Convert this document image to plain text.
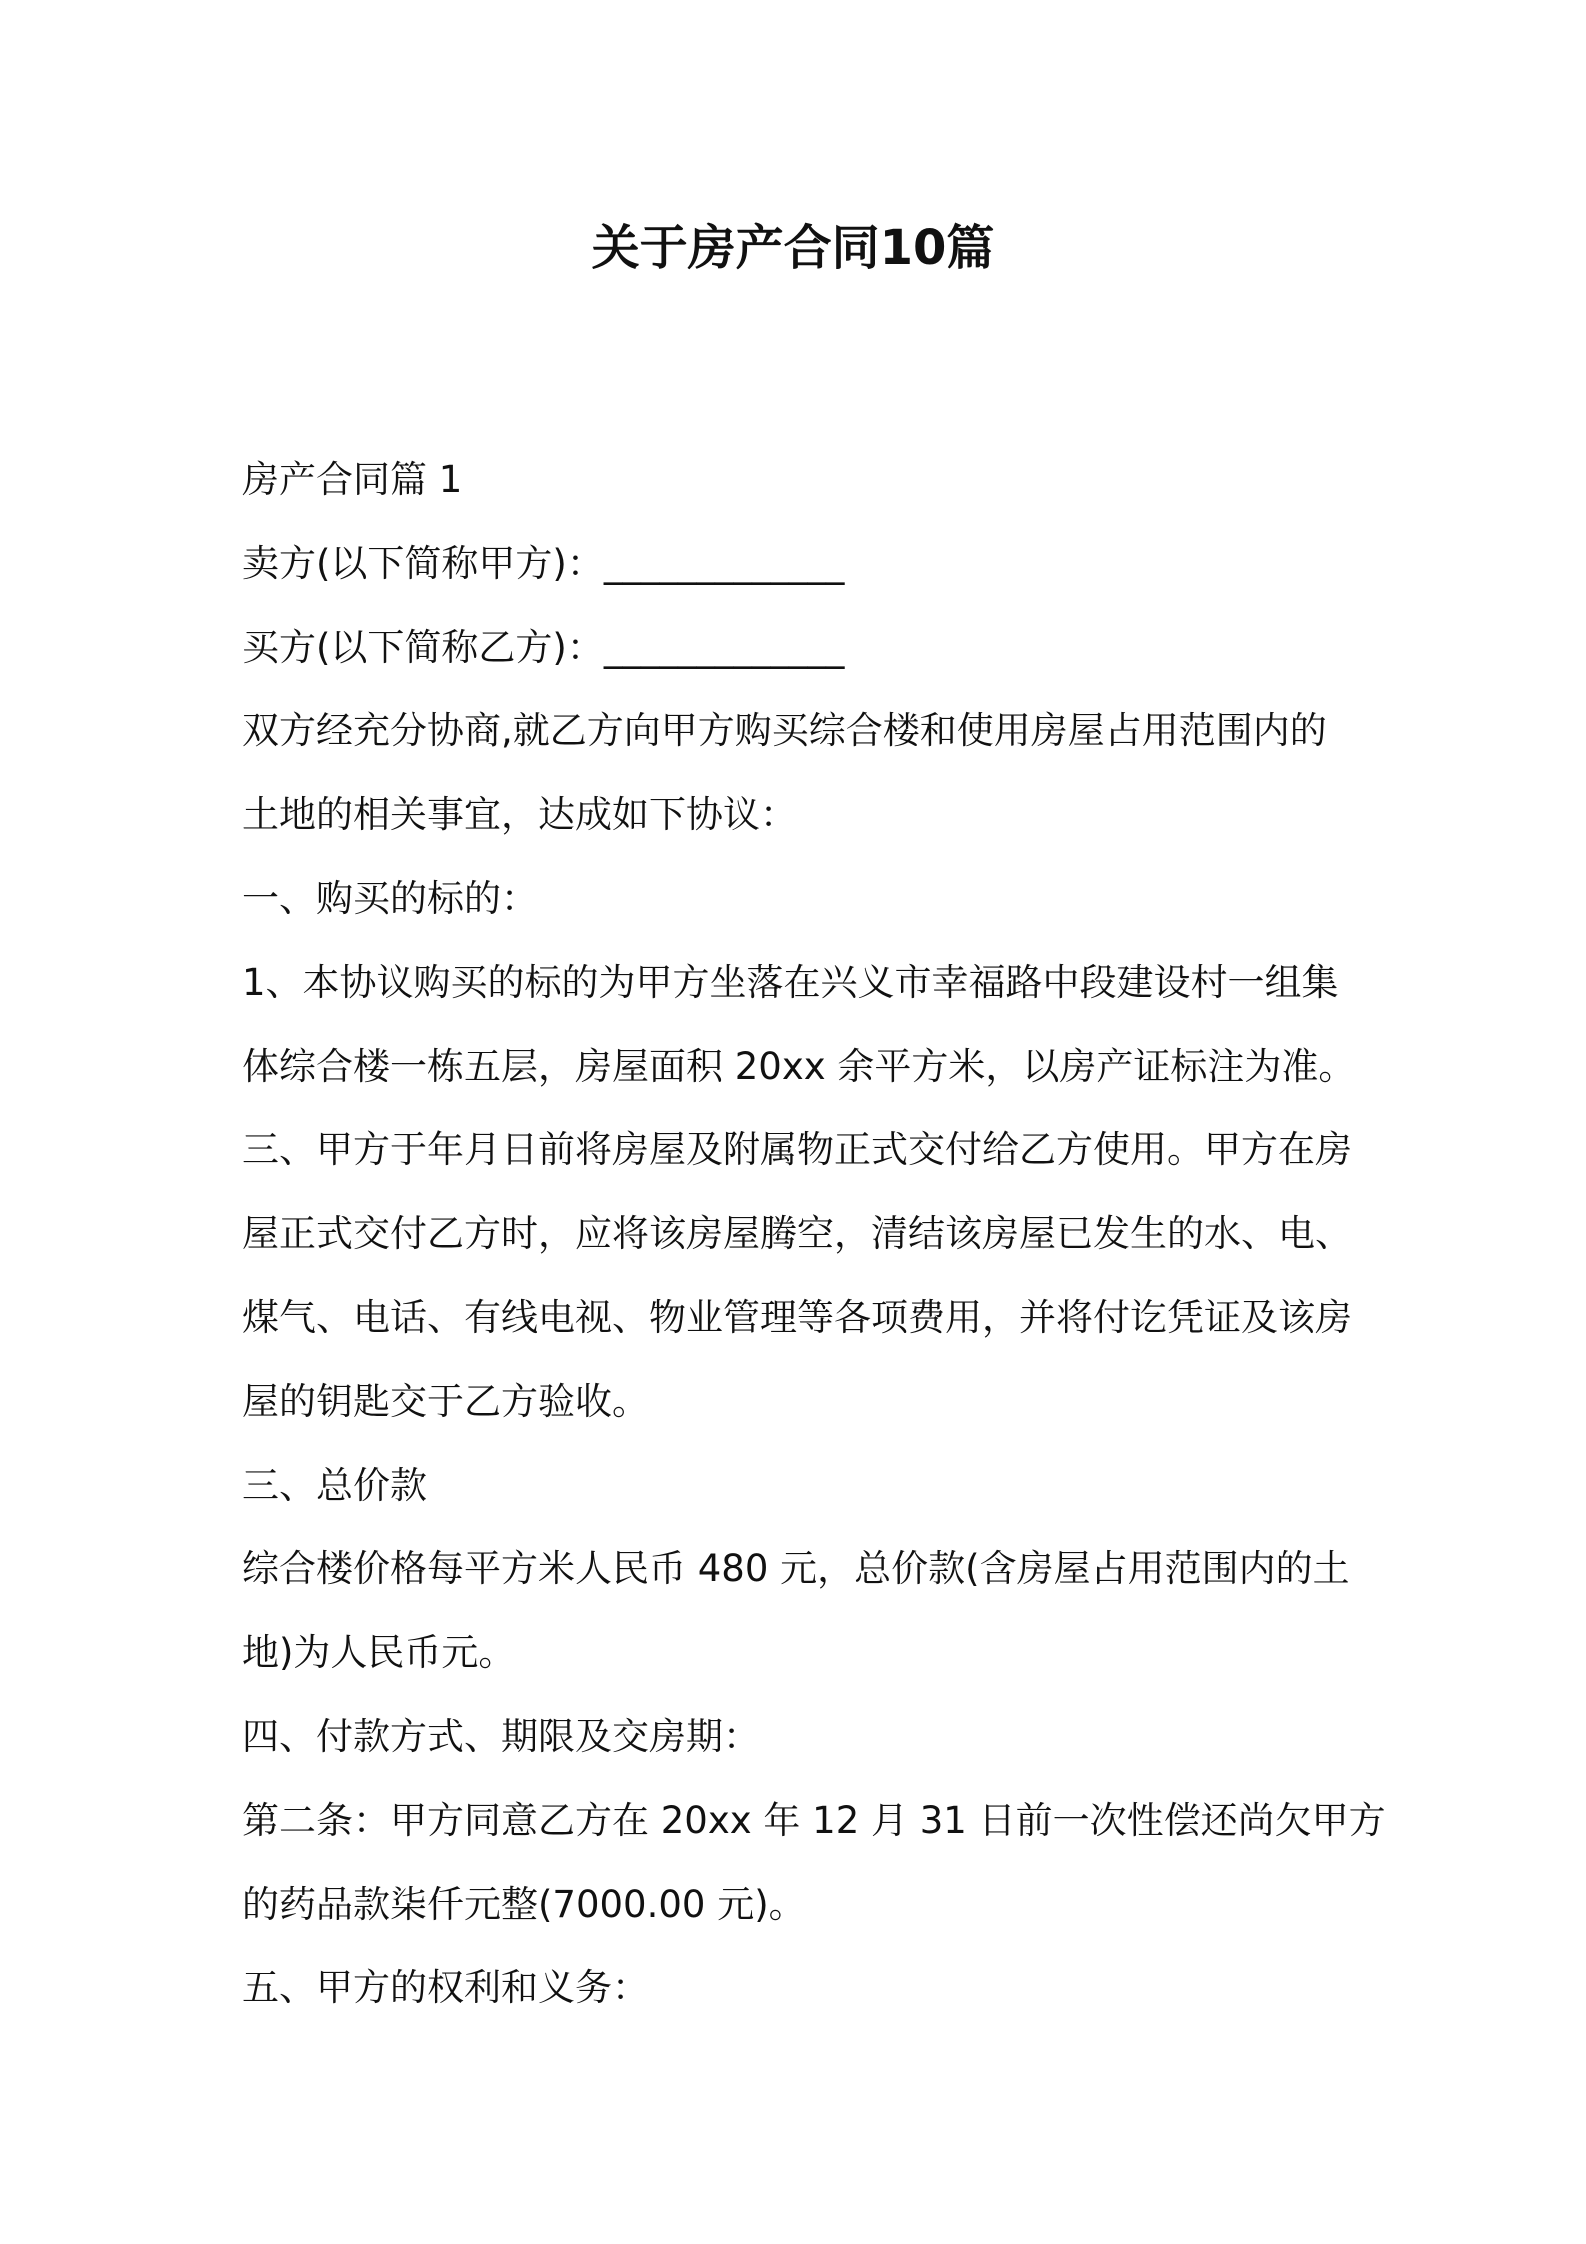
关于房产合同10篇
房产合同篇 1
卖方(以下简称甲方)：_____________
买方(以下简称乙方)：_____________
双方经充分协商,就乙方向甲方购买综合楼和使用房屋占用范围内的
土地的相关事宜，达成如下协议：
一、购买的标的：
1、本协议购买的标的为甲方坐落在兴义市幸福路中段建设村一组集
体综合楼一栋五层，房屋面积 20xx 余平方米，以房产证标注为准。
三、甲方于年月日前将房屋及附属物正式交付给乙方使用。甲方在房
屋正式交付乙方时，应将该房屋腾空，清结该房屋已发生的水、电、
煤气、电话、有线电视、物业管理等各项费用，并将付讫凭证及该房
屋的钥匙交于乙方验收。
三、总价款
综合楼价格每平方米人民币 480 元，总价款(含房屋占用范围内的土
地)为人民币元。
四、付款方式、期限及交房期：
第二条：甲方同意乙方在 20xx 年 12 月 31 日前一次性偿还尚欠甲方
的药品款柒仟元整(7000.00 元)。
五、甲方的权利和义务：
